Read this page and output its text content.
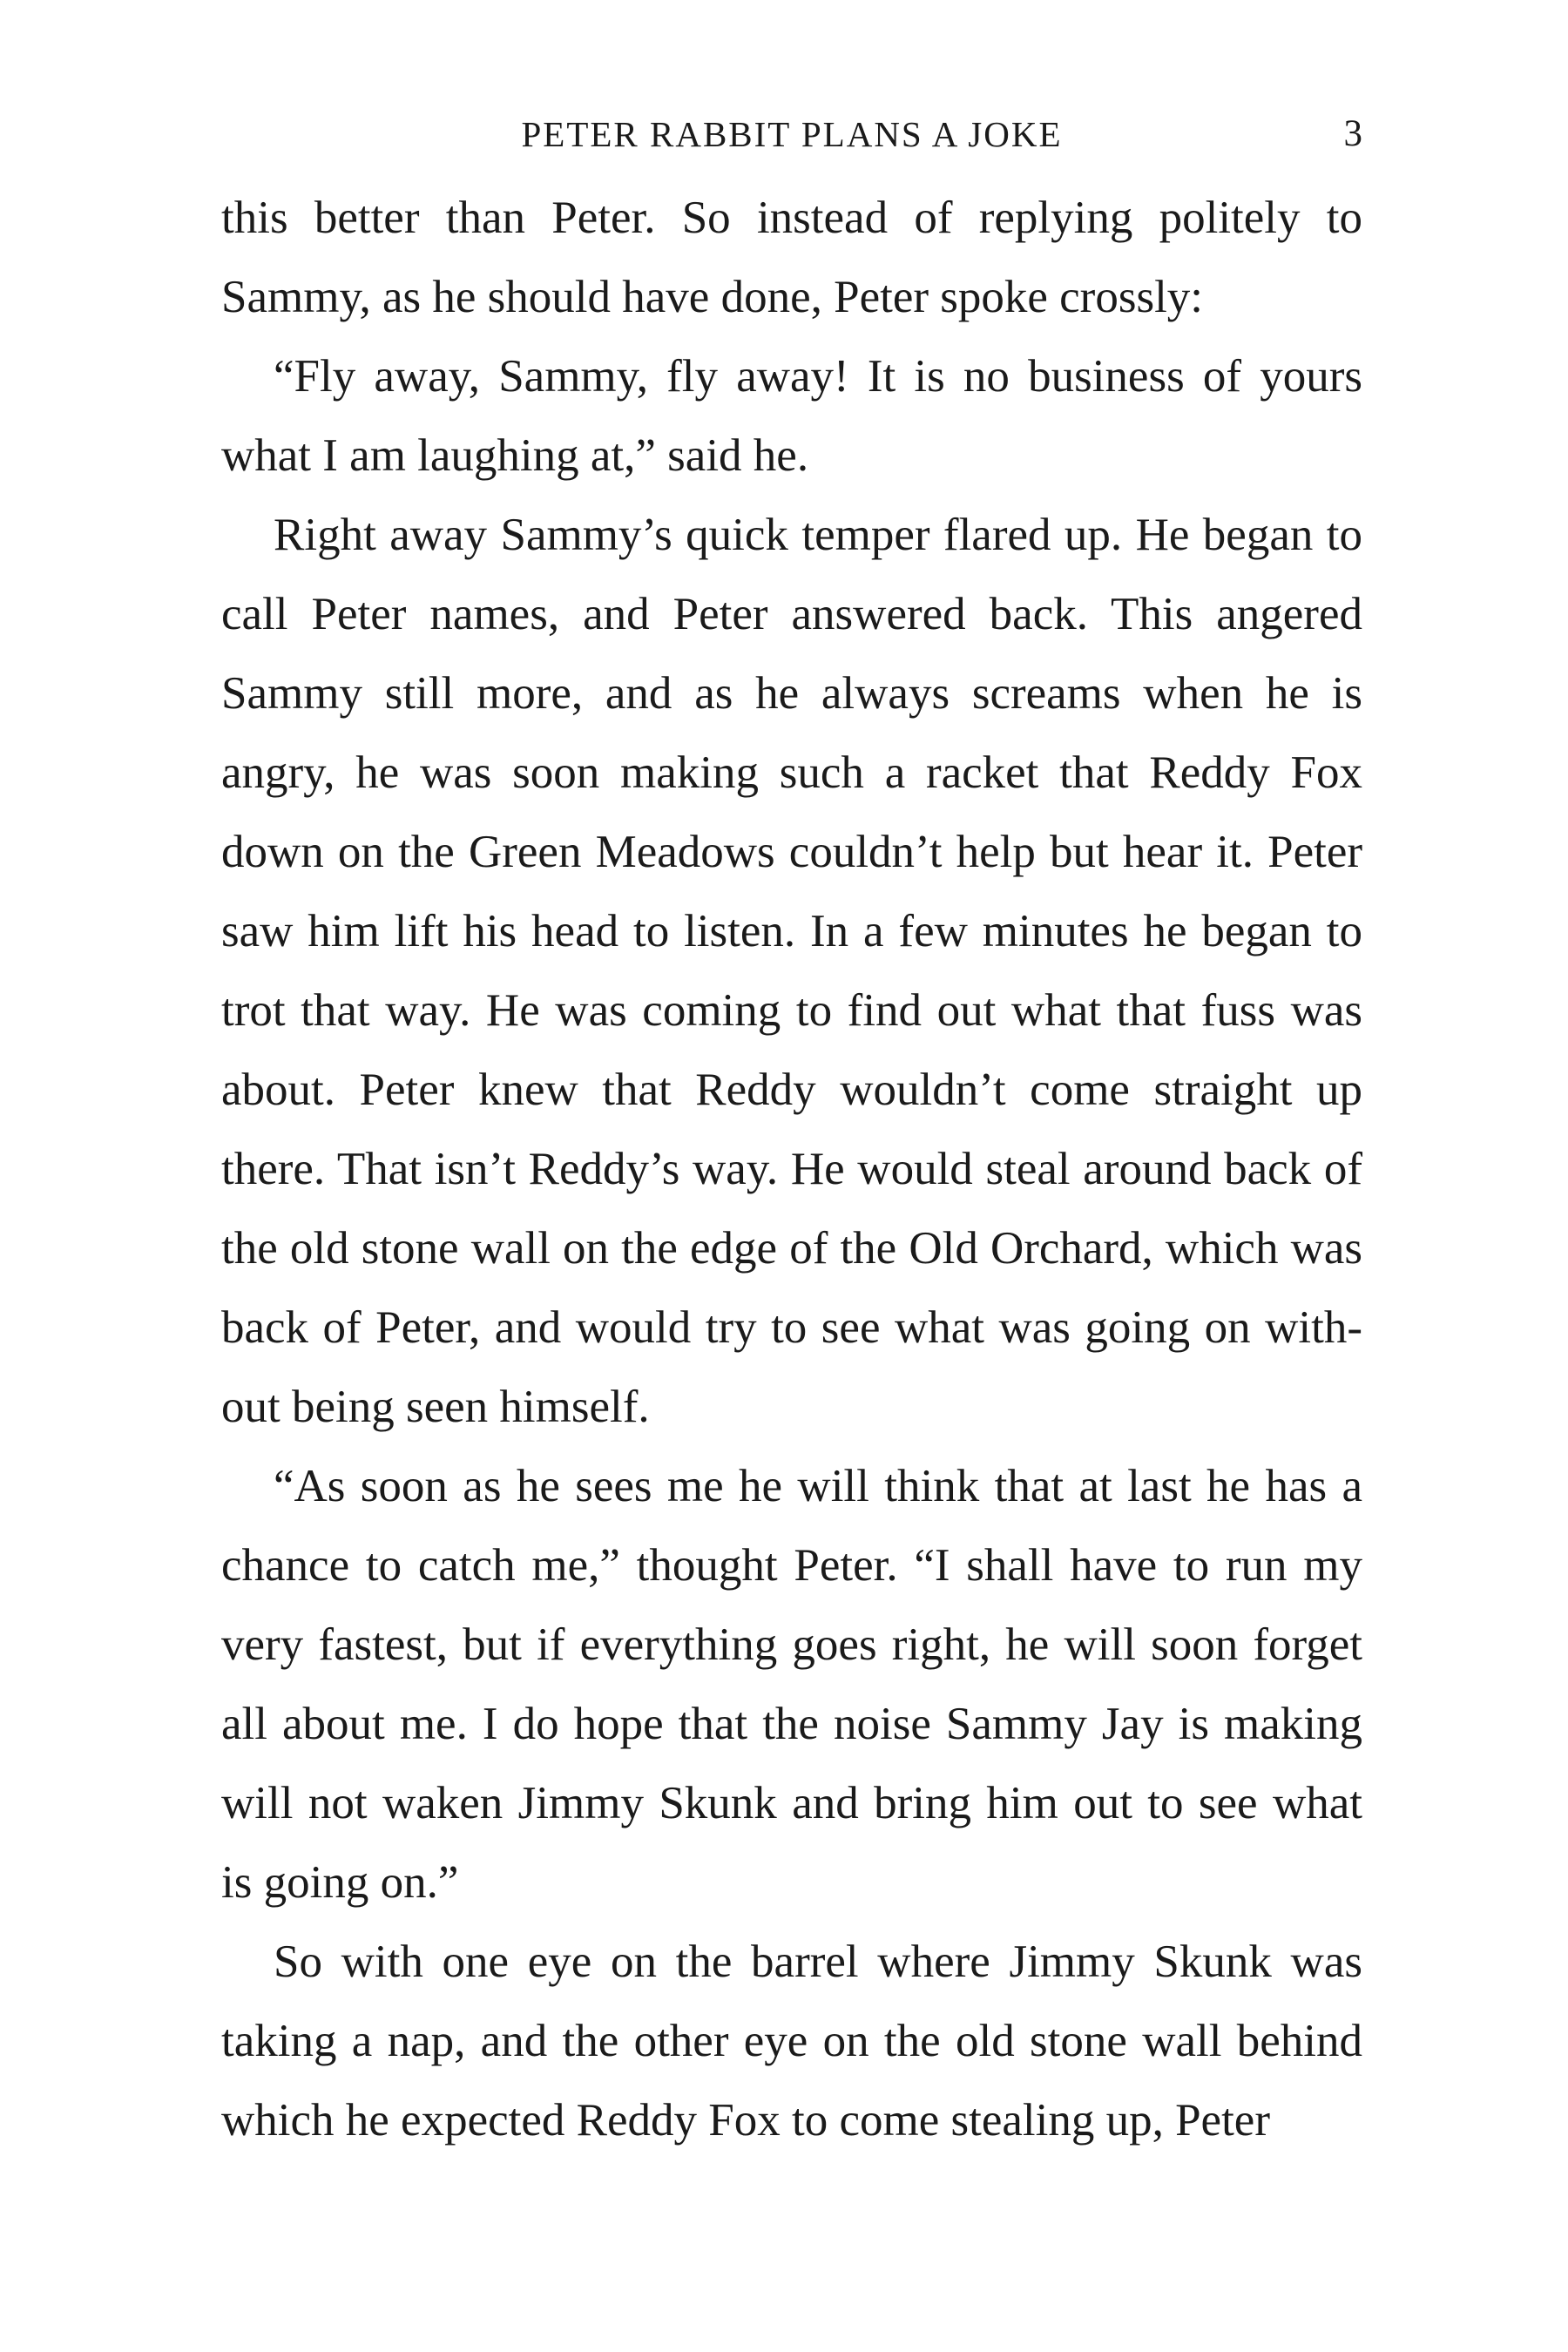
PETER RABBIT PLANS A JOKE	3

this better than Peter. So instead of replying politely to Sammy, as he should have done, Peter spoke crossly:

“Fly away, Sammy, fly away! It is no business of yours what I am laughing at,” said he.

Right away Sammy’s quick temper flared up. He began to call Peter names, and Peter answered back. This angered Sammy still more, and as he always screams when he is angry, he was soon making such a racket that Reddy Fox down on the Green Meadows couldn’t help but hear it. Peter saw him lift his head to listen. In a few minutes he began to trot that way. He was coming to find out what that fuss was about. Peter knew that Reddy wouldn’t come straight up there. That isn’t Reddy’s way. He would steal around back of the old stone wall on the edge of the Old Orchard, which was back of Peter, and would try to see what was going on with-out being seen himself.

“As soon as he sees me he will think that at last he has a chance to catch me,” thought Peter. “I shall have to run my very fastest, but if everything goes right, he will soon forget all about me. I do hope that the noise Sammy Jay is making will not waken Jimmy Skunk and bring him out to see what is going on.”

So with one eye on the barrel where Jimmy Skunk was taking a nap, and the other eye on the old stone wall behind which he expected Reddy Fox to come stealing up, Peter
